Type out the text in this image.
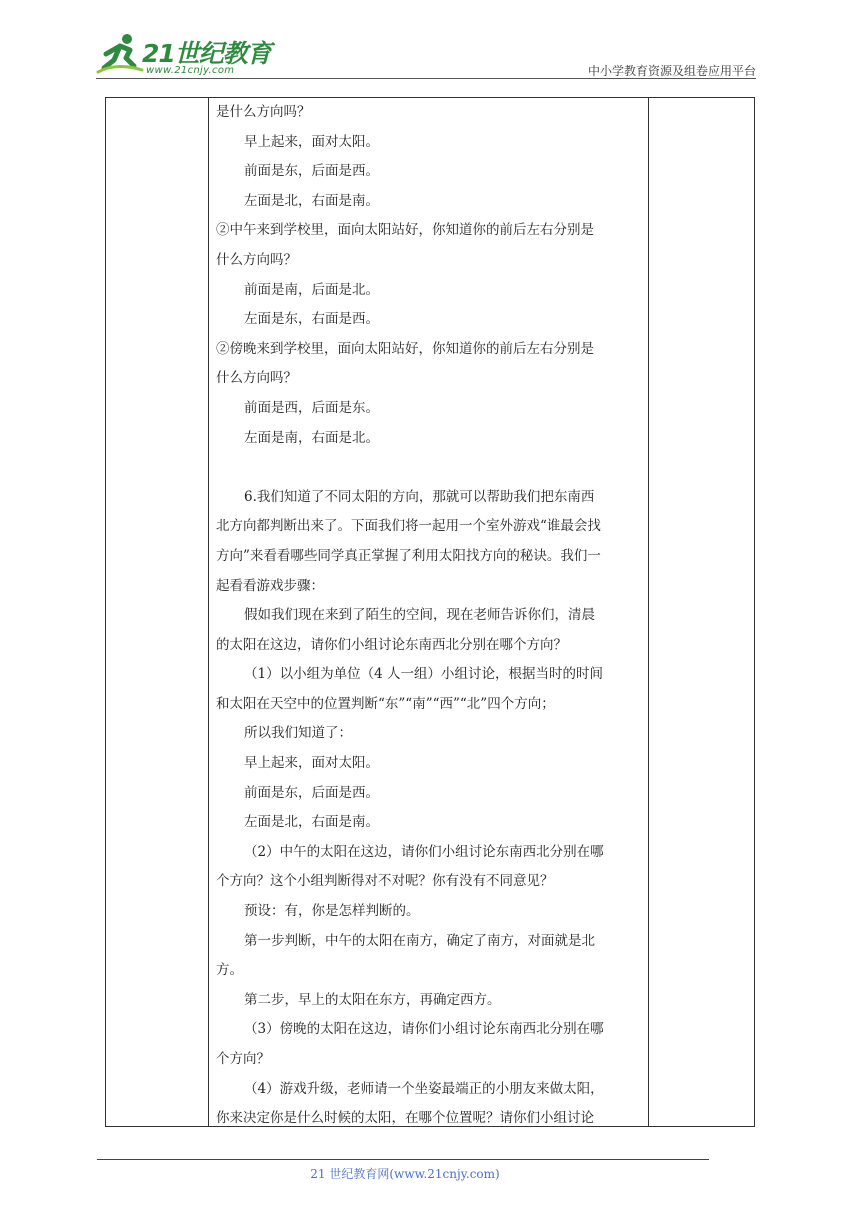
21世纪教育
www.21cnjy.com	中小学教育资源及组卷应用平台

是什么方向吗？

早上起来，面对太阳。

前面是东，后面是西。

左面是北，右面是南。

②中午来到学校里，面向太阳站好，你知道你的前后左右分别是

什么方向吗？

前面是南，后面是北。

左面是东，右面是西。

②傍晚来到学校里，面向太阳站好，你知道你的前后左右分别是

什么方向吗？

前面是西，后面是东。

左面是南，右面是北。

6.我们知道了不同太阳的方向，那就可以帮助我们把东南西

北方向都判断出来了。下面我们将一起用一个室外游戏“谁最会找

方向”来看看哪些同学真正掌握了利用太阳找方向的秘诀。我们一

起看看游戏步骤：

假如我们现在来到了陌生的空间，现在老师告诉你们，清晨

的太阳在这边，请你们小组讨论东南西北分别在哪个方向？

（1）以小组为单位（4 人一组）小组讨论，根据当时的时间

和太阳在天空中的位置判断“东”“南”“西”“北”四个方向；

所以我们知道了：

早上起来，面对太阳。

前面是东，后面是西。

左面是北，右面是南。

（2）中午的太阳在这边，请你们小组讨论东南西北分别在哪

个方向？这个小组判断得对不对呢？你有没有不同意见？

预设：有，你是怎样判断的。

第一步判断，中午的太阳在南方，确定了南方，对面就是北

方。

第二步，早上的太阳在东方，再确定西方。

（3）傍晚的太阳在这边，请你们小组讨论东南西北分别在哪

个方向？

（4）游戏升级，老师请一个坐姿最端正的小朋友来做太阳，

你来决定你是什么时候的太阳，在哪个位置呢？请你们小组讨论

21 世纪教育网(www.21cnjy.com)
